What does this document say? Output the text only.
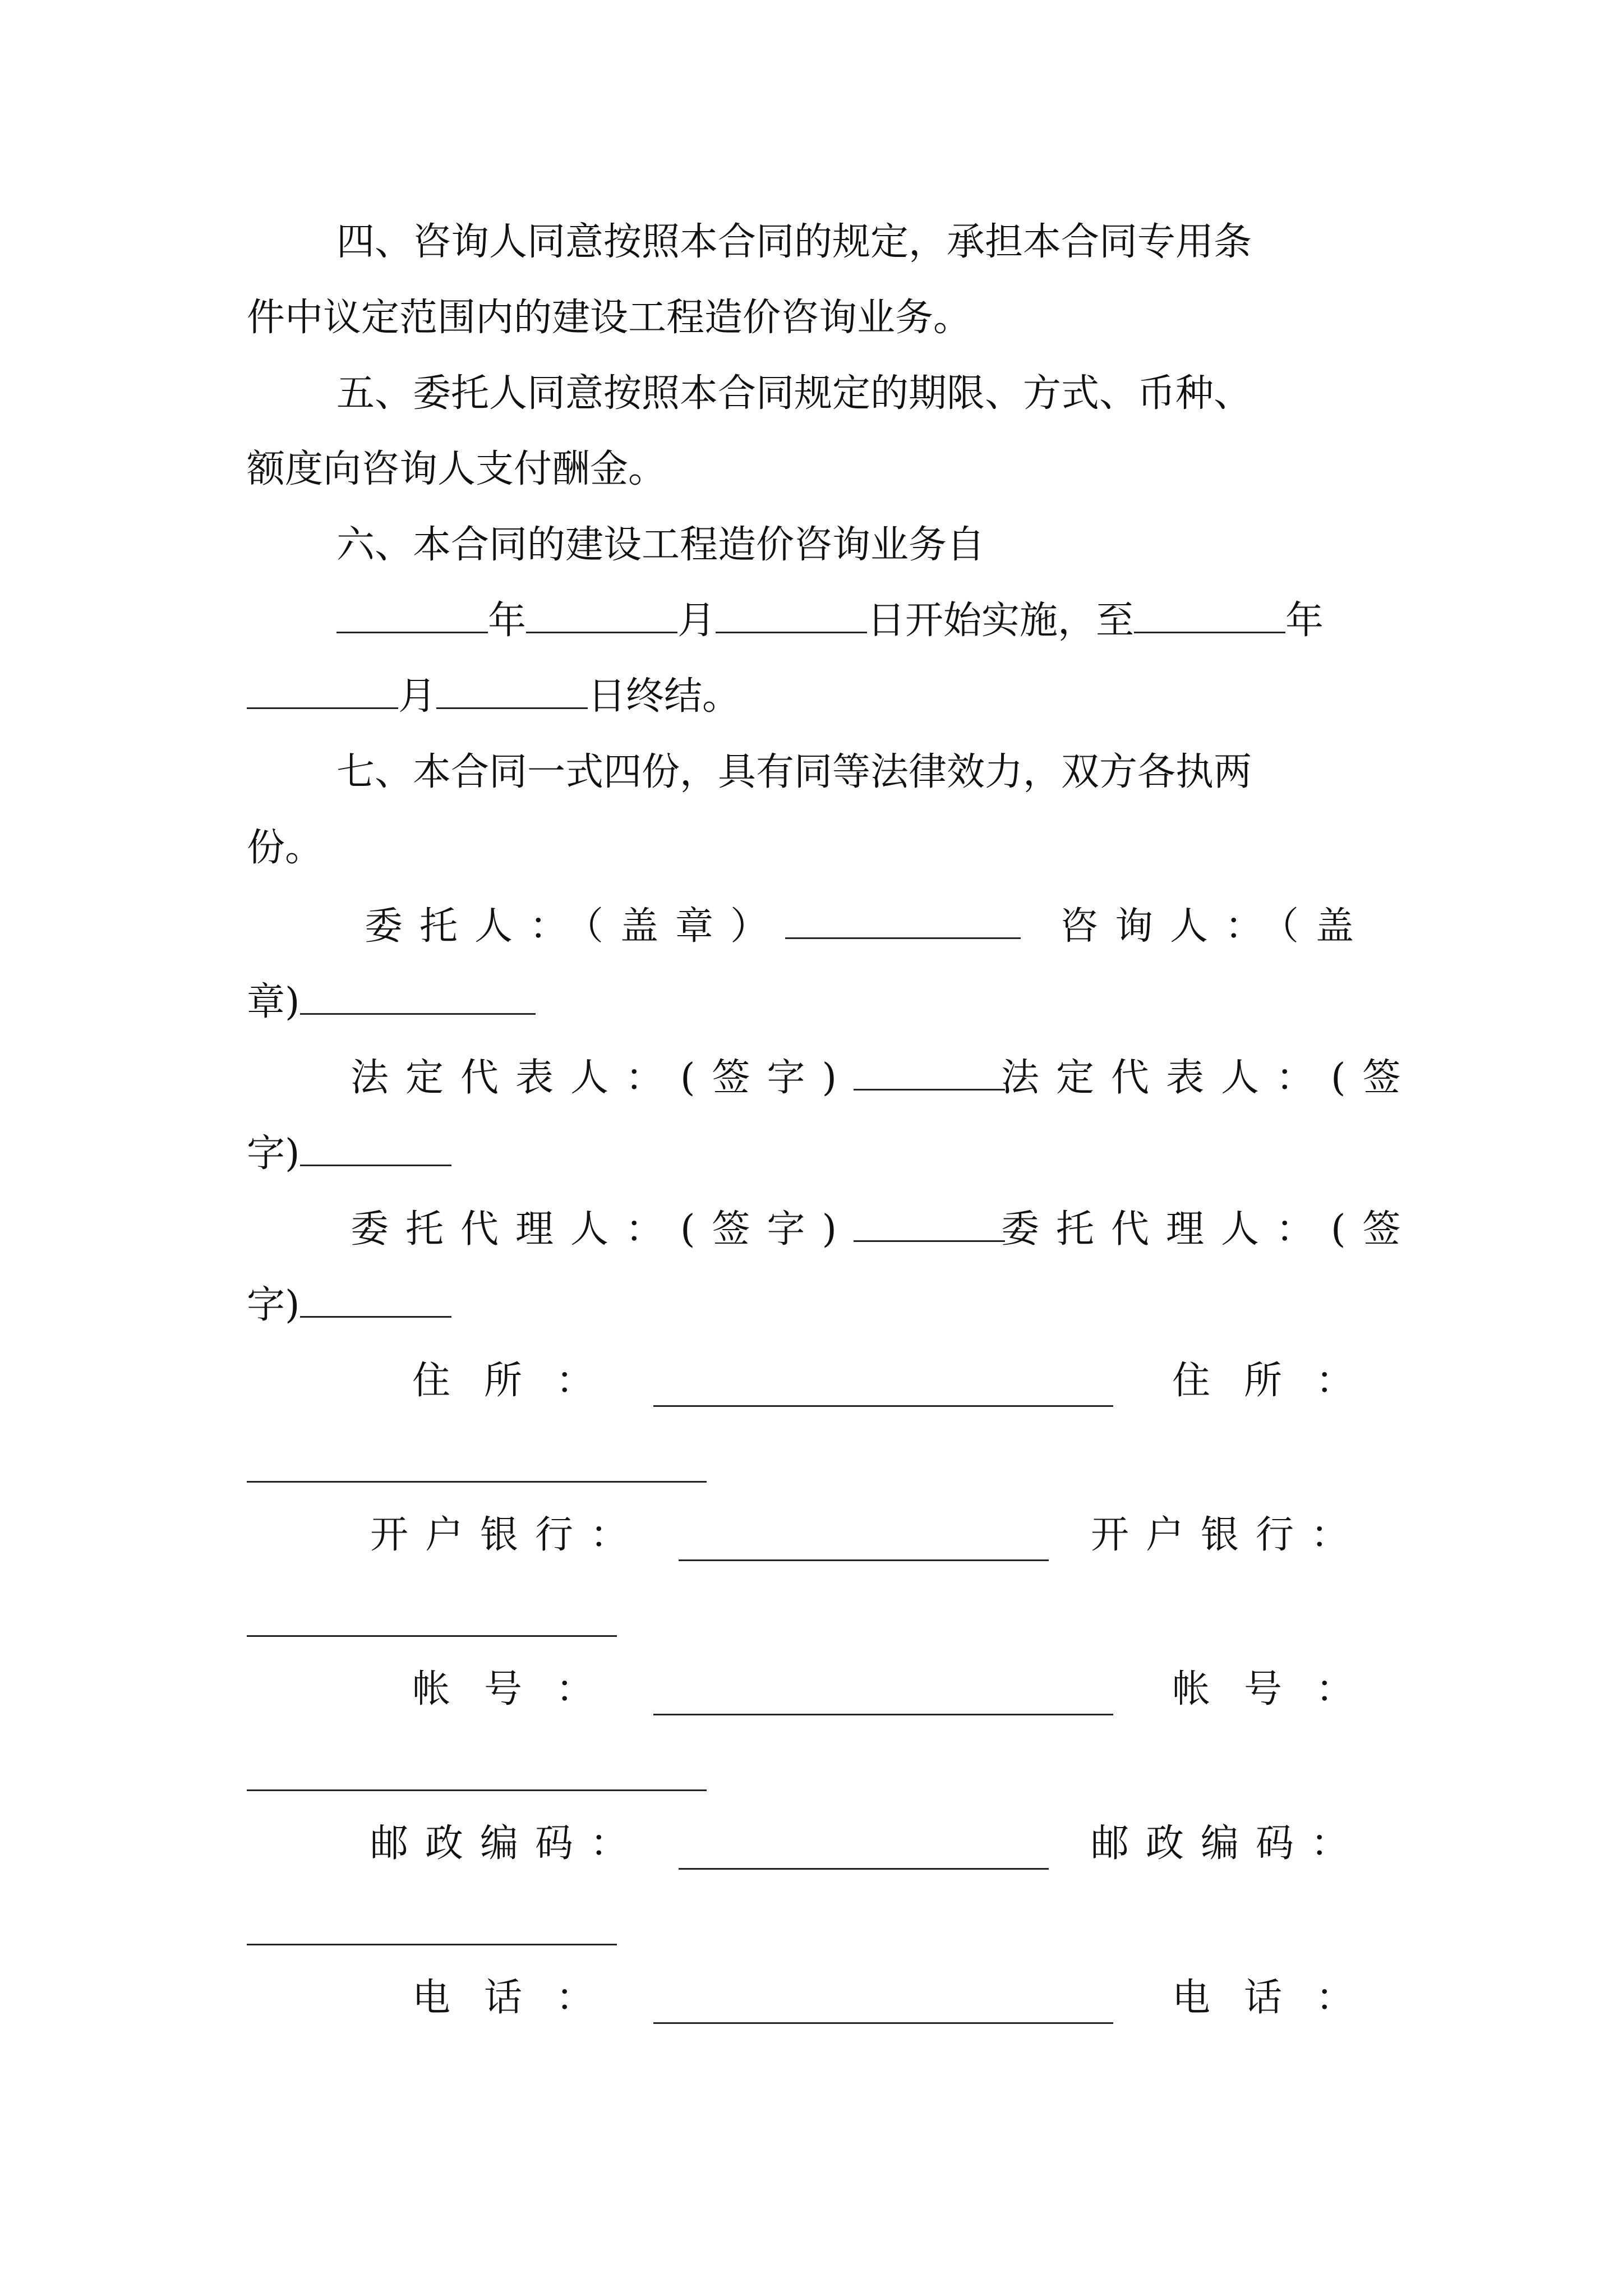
四、咨询人同意按照本合同的规定，承担本合同专用条
件中议定范围内的建设工程造价咨询业务。
五、委托人同意按照本合同规定的期限、方式、币种、
额度向咨询人支付酬金。
六、本合同的建设工程造价咨询业务自
年	月	日开始实施，至	年
月	日终结。
七、本合同一式四份，具有同等法律效力，双方各执两
份。
委托人：（盖章）	咨询人：（盖
章)
法定代表人：(签字)	法定代表人：(签
字)
委托代理人：(签字)	委托代理人：(签
字)
住所：	住所：
开户银行：	开户银行：
帐号：	帐号：
邮政编码：	邮政编码：
电话：	电话：
